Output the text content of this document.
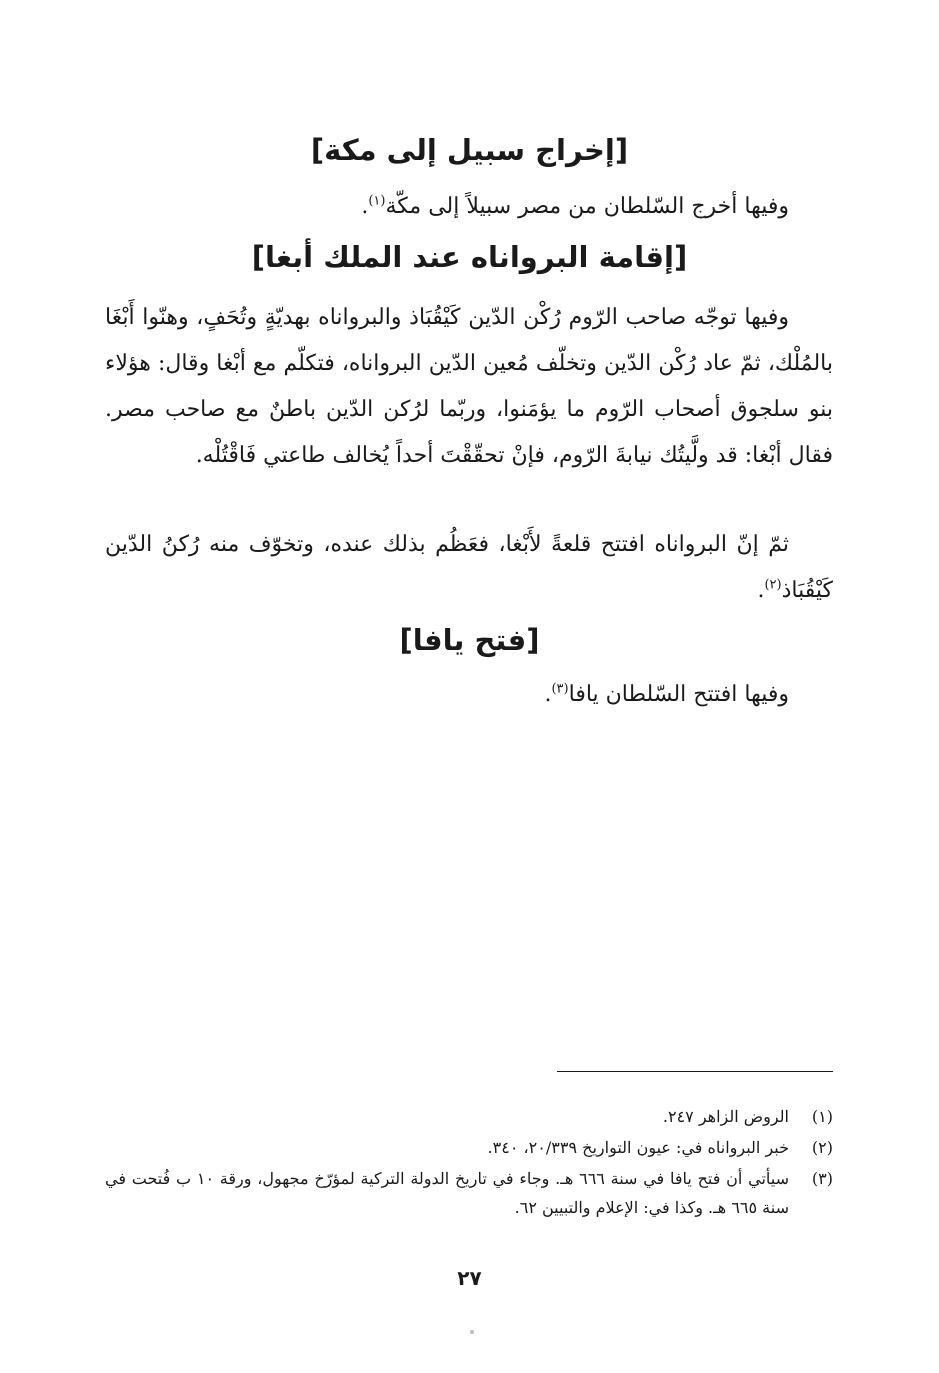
[إخراج سبيل إلى مكة]
وفيها أخرج السّلطان من مصر سبيلاً إلى مكّة$^{(١)}$.
[إقامة البرواناه عند الملك أبغا]
وفيها توجّه صاحب الرّوم رُكْن الدّين كَيْقُبَاذ والبرواناه بهديّةٍ وتُحَفٍ، وهنّوا أَبْغَا بالمُلْك، ثمّ عاد رُكْن الدّين وتخلّف مُعين الدّين البرواناه، فتكلّم مع أبْغا وقال: هؤلاء بنو سلجوق أصحاب الرّوم ما يؤمَنوا، وربّما لرُكن الدّين باطنٌ مع صاحب مصر. فقال أبْغا: قد ولَّيتُك نيابةَ الرّوم، فإنْ تحقّقْتَ أحداً يُخالف طاعتي فَاقْتُلْه.
ثمّ إنّ البرواناه افتتح قلعةً لأَبْغا، فعَظُم بذلك عنده، وتخوّف منه رُكنُ الدّين كَيْقُبَاذ$^{(٢)}$.
[فتح يافا]
وفيها افتتح السّلطان يافا$^{(٣)}$.
(١)
الروض الزاهر ٢٤٧.
(٢)
خبر البرواناه في: عيون التواريخ ٢٠/٣٣٩، ٣٤٠.
(٣)
سيأتي أن فتح يافا في سنة ٦٦٦ هـ. وجاء في تاريخ الدولة التركية لمؤرّخ مجهول، ورقة ١٠ ب فُتحت في سنة ٦٦٥ هـ. وكذا في: الإعلام والتبيين ٦٢.
٢٧
